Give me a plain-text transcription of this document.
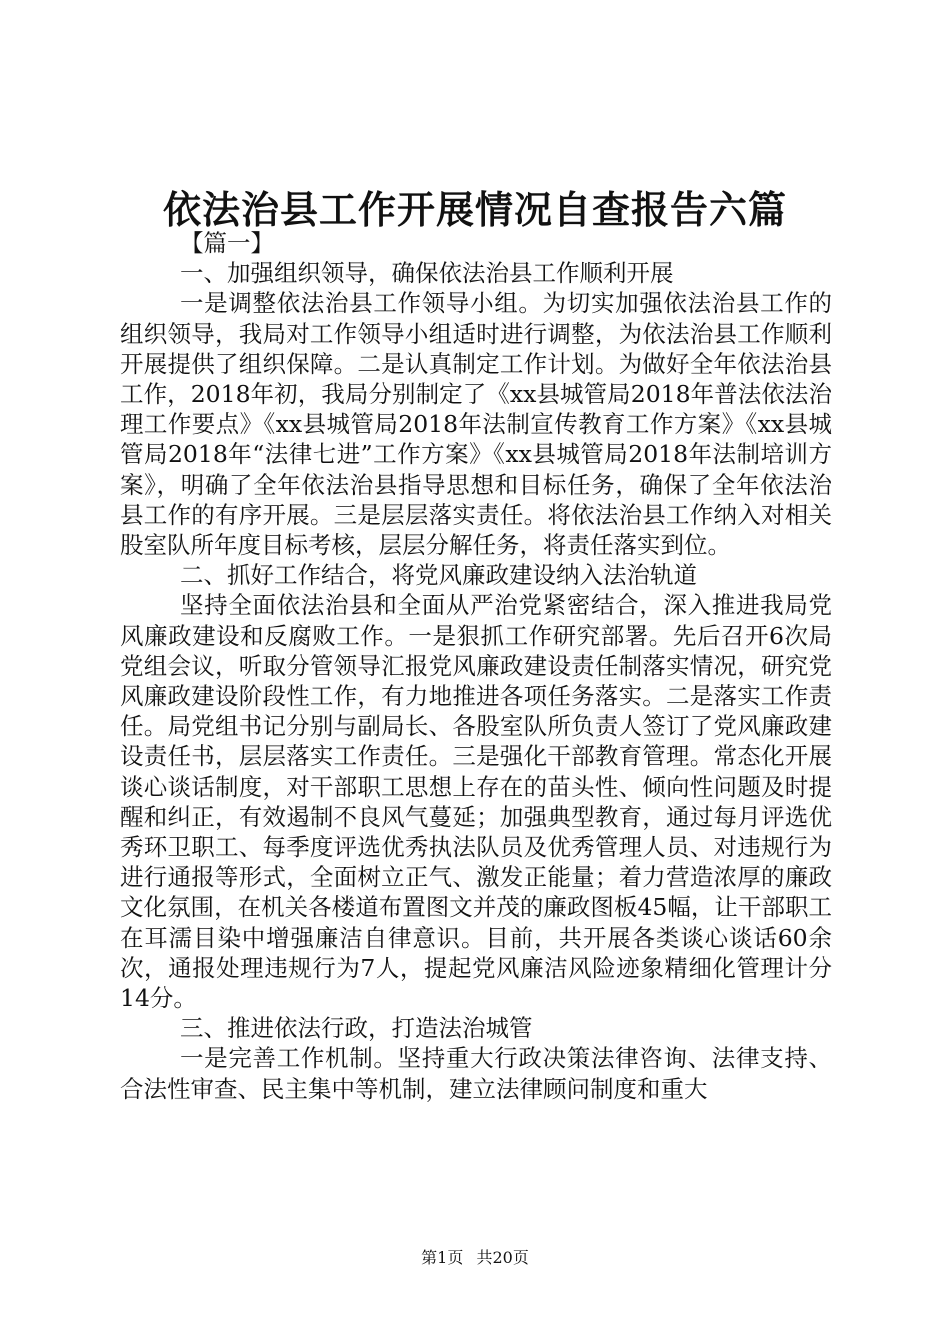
依法治县工作开展情况自查报告六篇

【篇一】

一、加强组织领导，确保依法治县工作顺利开展

一是调整依法治县工作领导小组。为切实加强依法治县工作的组织领导，我局对工作领导小组适时进行调整，为依法治县工作顺利开展提供了组织保障。二是认真制定工作计划。为做好全年依法治县工作，2018年初，我局分别制定了《xx县城管局2018年普法依法治理工作要点》《xx县城管局2018年法制宣传教育工作方案》《xx县城管局2018年“法律七进”工作方案》《xx县城管局2018年法制培训方案》，明确了全年依法治县指导思想和目标任务，确保了全年依法治县工作的有序开展。三是层层落实责任。将依法治县工作纳入对相关股室队所年度目标考核，层层分解任务，将责任落实到位。

二、抓好工作结合，将党风廉政建设纳入法治轨道

坚持全面依法治县和全面从严治党紧密结合，深入推进我局党风廉政建设和反腐败工作。一是狠抓工作研究部署。先后召开6次局党组会议，听取分管领导汇报党风廉政建设责任制落实情况，研究党风廉政建设阶段性工作，有力地推进各项任务落实。二是落实工作责任。局党组书记分别与副局长、各股室队所负责人签订了党风廉政建设责任书，层层落实工作责任。三是强化干部教育管理。常态化开展谈心谈话制度，对干部职工思想上存在的苗头性、倾向性问题及时提醒和纠正，有效遏制不良风气蔓延；加强典型教育，通过每月评选优秀环卫职工、每季度评选优秀执法队员及优秀管理人员、对违规行为进行通报等形式，全面树立正气、激发正能量；着力营造浓厚的廉政文化氛围，在机关各楼道布置图文并茂的廉政图板45幅，让干部职工在耳濡目染中增强廉洁自律意识。目前，共开展各类谈心谈话60余次，通报处理违规行为7人，提起党风廉洁风险迹象精细化管理计分14分。

三、推进依法行政，打造法治城管

一是完善工作机制。坚持重大行政决策法律咨询、法律支持、合法性审查、民主集中等机制，建立法律顾问制度和重大

第1页 共20页
